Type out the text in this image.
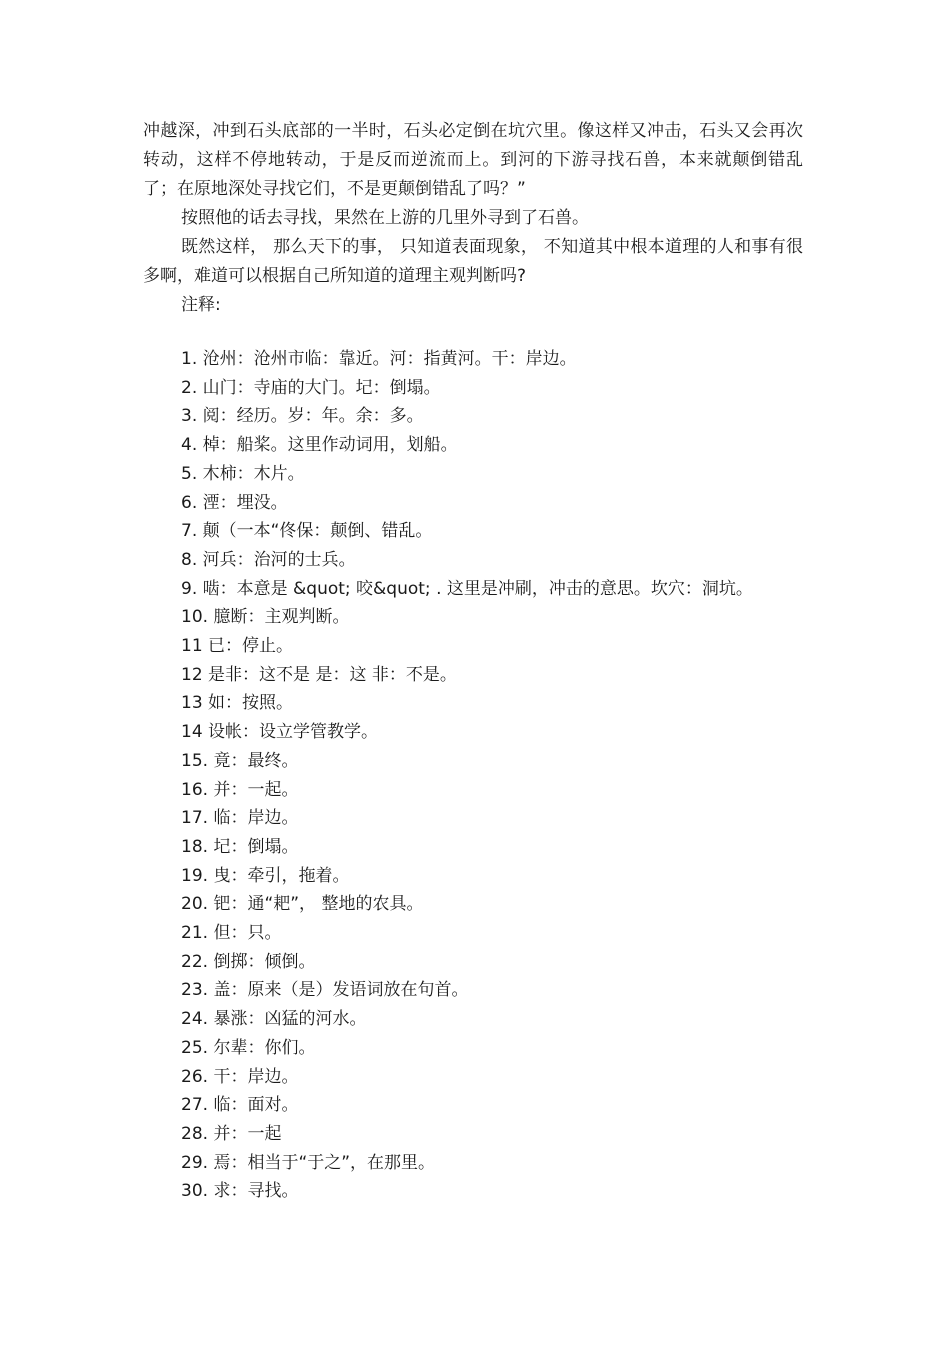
冲越深，冲到石头底部的一半时，石头必定倒在坑穴里。像这样又冲击，石头又会再次转动，这样不停地转动，于是反而逆流而上。到河的下游寻找石兽，本来就颠倒错乱了；在原地深处寻找它们，不是更颠倒错乱了吗？”

按照他的话去寻找，果然在上游的几里外寻到了石兽。

既然这样， 那么天下的事， 只知道表面现象， 不知道其中根本道理的人和事有很多啊，难道可以根据自己所知道的道理主观判断吗?

注释:

1. 沧州：沧州市临：靠近。河：指黄河。干：岸边。
2. 山门：寺庙的大门。圮：倒塌。
3. 阅：经历。岁：年。余：多。
4. 棹：船桨。这里作动词用，划船。
5. 木柿：木片。
6. 湮：埋没。
7. 颠（一本“佟保：颠倒、错乱。
8. 河兵：治河的士兵。
9. 啮：本意是 &quot; 咬&quot; . 这里是冲刷，冲击的意思。坎穴：洞坑。
10. 臆断：主观判断。
11 已：停止。
12 是非：这不是 是：这 非：不是。
13 如：按照。
14 设帐：设立学管教学。
15. 竟：最终。
16. 并：一起。
17. 临：岸边。
18. 圮：倒塌。
19. 曳：牵引，拖着。
20. 钯：通“耙”， 整地的农具。
21. 但：只。
22. 倒掷：倾倒。
23. 盖：原来（是）发语词放在句首。
24. 暴涨：凶猛的河水。
25. 尔辈：你们。
26. 干：岸边。
27. 临：面对。
28. 并：一起
29. 焉：相当于“于之”，在那里。
30. 求：寻找。
